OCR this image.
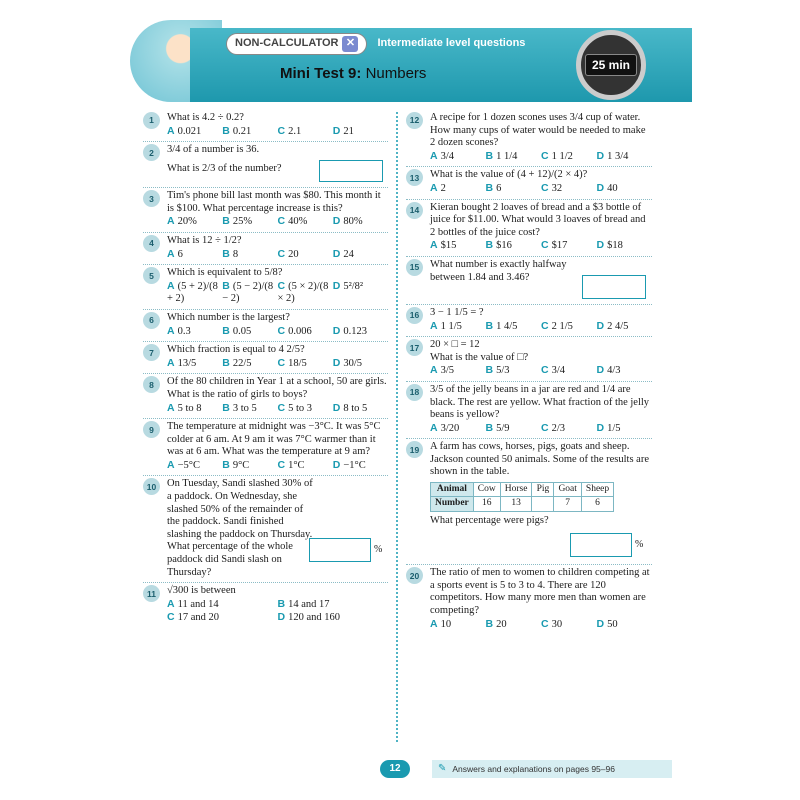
NON-CALCULATOR ✕	Intermediate level questions
Mini Test 9: Numbers
25 min
1	What is 4.2 ÷ 0.2?
A 0.021	B 0.21	C 2.1	D 21
2	3/4 of a number is 36.
What is 2/3 of the number?
3	Tim's phone bill last month was $80. This month it is $100. What percentage increase is this?
A 20%	B 25%	C 40%	D 80%
4	What is 12 ÷ 1/2?
A 6	B 8	C 20	D 24
5	Which is equivalent to 5/8?
A (5 + 2)/(8 + 2)
B (5 − 2)/(8 − 2)
C (5 × 2)/(8 × 2)
D 5²/8²
6	Which number is the largest?
A 0.3	B 0.05	C 0.006	D 0.123
7	Which fraction is equal to 4 2/5?
A 13/5	B 22/5	C 18/5	D 30/5
8	Of the 80 children in Year 1 at a school, 50 are girls. What is the ratio of girls to boys?
A 5 to 8	B 3 to 5	C 5 to 3	D 8 to 5
9	The temperature at midnight was −3°C. It was 5°C colder at 6 am. At 9 am it was 7°C warmer than it was at 6 am. What was the temperature at 9 am?
A −5°C	B 9°C	C 1°C	D −1°C
10	On Tuesday, Sandi slashed 30% of a paddock. On Wednesday, she slashed 50% of the remainder of the paddock. Sandi finished slashing the paddock on Thursday. What percentage of the whole paddock did Sandi slash on Thursday?
%
11	√300 is between
A 11 and 14	B 14 and 17
C 17 and 20	D 120 and 160
12	A recipe for 1 dozen scones uses 3/4 cup of water. How many cups of water would be needed to make 2 dozen scones?
A 3/4	B 1 1/4	C 1 1/2	D 1 3/4
13	What is the value of (4 + 12)/(2 × 4)?
A 2	B 6	C 32	D 40
14	Kieran bought 2 loaves of bread and a $3 bottle of juice for $11.00. What would 3 loaves of bread and 2 bottles of the juice cost?
A $15	B $16	C $17	D $18
15	What number is exactly halfway between 1.84 and 3.46?
16	3 − 1 1/5 = ?
A 1 1/5	B 1 4/5	C 2 1/5	D 2 4/5
17	20 × □ = 12
What is the value of □?
A 3/5	B 5/3	C 3/4	D 4/3
18	3/5 of the jelly beans in a jar are red and 1/4 are black. The rest are yellow. What fraction of the jelly beans is yellow?
A 3/20	B 5/9	C 2/3	D 1/5
19	A farm has cows, horses, pigs, goats and sheep. Jackson counted 50 animals. Some of the results are shown in the table.
Animal	Cow	Horse	Pig	Goat	Sheep
Number	16	13		7	6
What percentage were pigs?
%
20	The ratio of men to women to children competing at a sports event is 5 to 3 to 4. There are 120 competitors. How many more men than women are competing?
A 10	B 20	C 30	D 50
12	✎ Answers and explanations on pages 95–96
